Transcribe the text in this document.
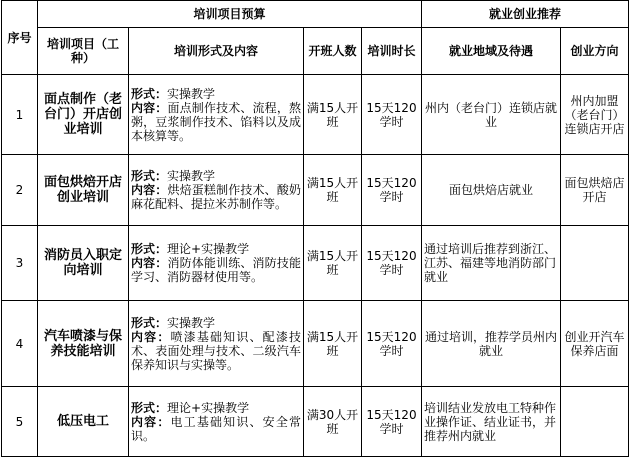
序号	培训项目预算				就业创业推荐	
	培训项目（工种）	培训形式及内容	开班人数	培训时长	就业地域及待遇	创业方向
1	面点制作（老台门）开店创业培训	形式：实操教学
内容：面点制作技术、流程，熬粥，豆浆制作技术、馅料以及成本核算等。	满15人开班	15天120学时	州内（老台门）连锁店就业	州内加盟（老台门）连锁店开店
2	面包烘焙开店创业培训	形式：实操教学
内容：烘焙蛋糕制作技术、酸奶麻花配料、提拉米苏制作等。	满15人开班	15天120学时	面包烘焙店就业	面包烘焙店开店
3	消防员入职定向培训	形式：理论+实操教学
内容：消防体能训练、消防技能学习、消防器材使用等。	满15人开班	15天120学时	通过培训后推荐到浙江、江苏、福建等地消防部门就业	
4	汽车喷漆与保养技能培训	形式：实操教学
内容：喷漆基础知识、配漆技术、表面处理与技术、二级汽车保养知识与实操等。	满15人开班	15天120学时	通过培训，推荐学员州内就业	创业开汽车保养店面
5	低压电工	形式：理论+实操教学
内容：电工基础知识、安全常识。	满30人开班	15天120学时	培训结业发放电工特种作业操作证、结业证书，并推荐州内就业	
